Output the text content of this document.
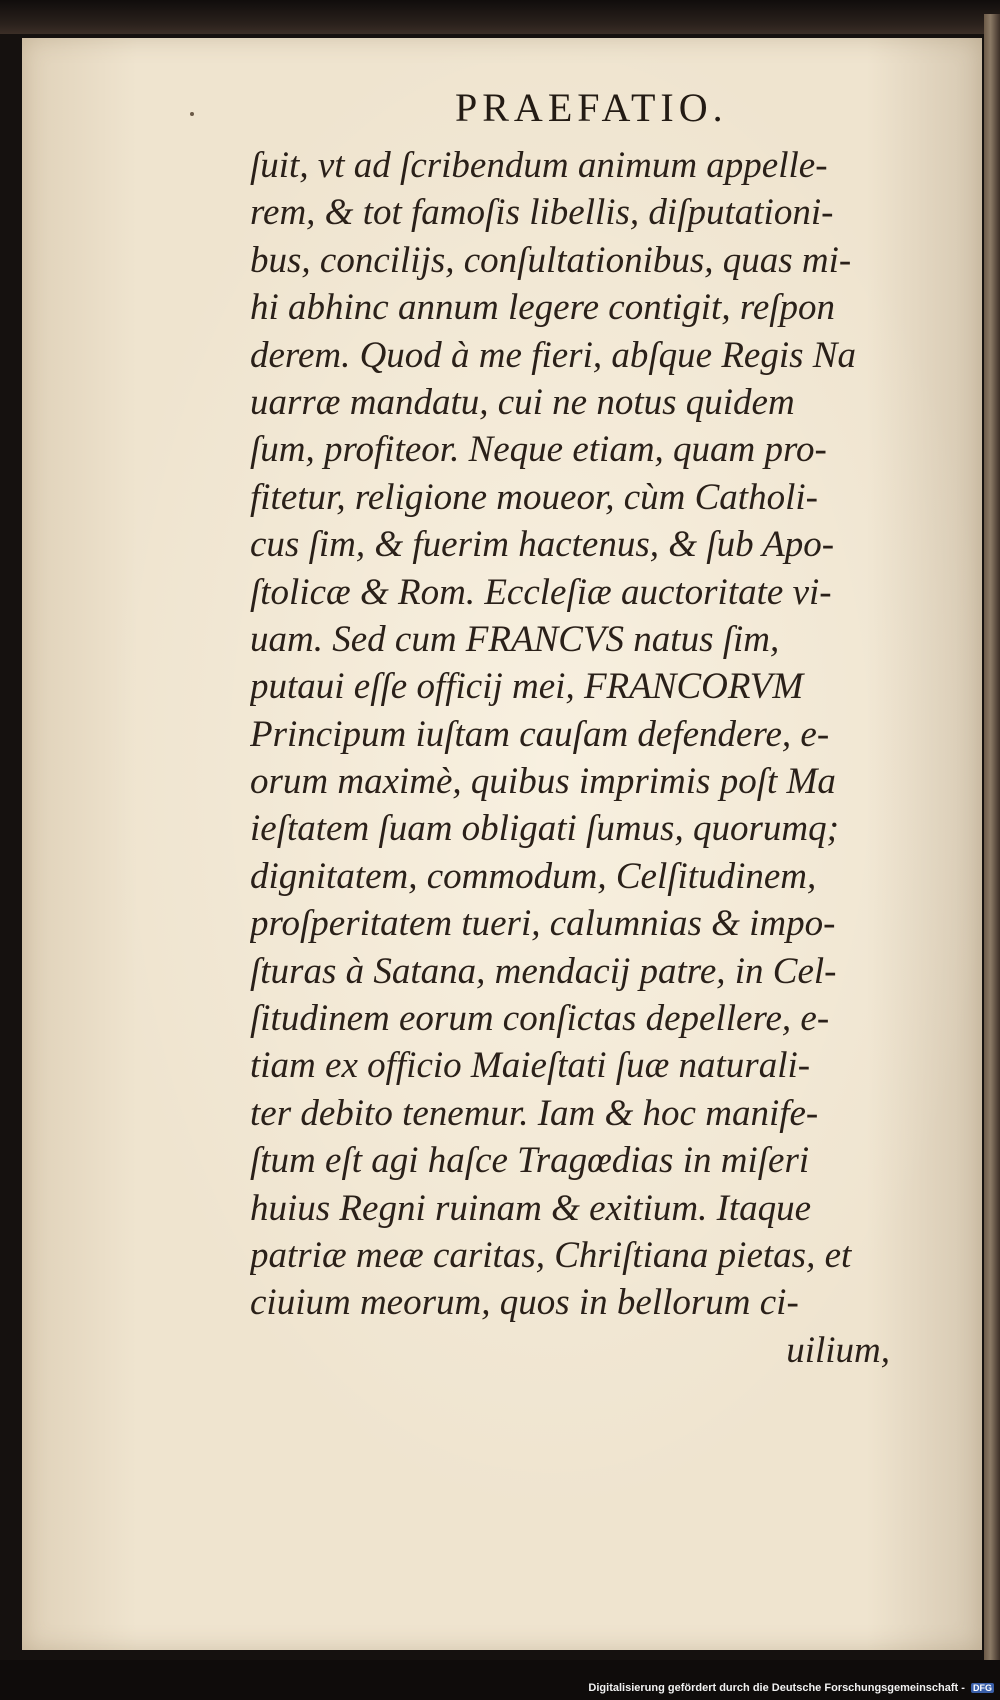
PRAEFATIO.
ſuit, vt ad ſcribendum animum appelle-
rem, & tot famoſis libellis, diſputationi-
bus, concilijs, conſultationibus, quas mi-
hi abhinc annum legere contigit, reſpon
derem. Quod à me fieri, abſque Regis Na
uarræ mandatu, cui ne notus quidem
ſum, profiteor. Neque etiam, quam pro-
fitetur, religione moueor, cùm Catholi-
cus ſim, & fuerim hactenus, & ſub Apo-
ſtolicæ & Rom. Eccleſiæ auctoritate vi-
uam. Sed cum FRANCVS natus ſim,
putaui eſſe officij mei, FRANCORVM
Principum iuſtam cauſam defendere, e-
orum maximè, quibus imprimis poſt Ma
ieſtatem ſuam obligati ſumus, quorumq;
dignitatem, commodum, Celſitudinem,
proſperitatem tueri, calumnias & impo-
ſturas à Satana, mendacij patre, in Cel-
ſitudinem eorum conſictas depellere, e-
tiam ex officio Maieſtati ſuæ naturali-
ter debito tenemur. Iam & hoc manife-
ſtum eſt agi haſce Tragœdias in miſeri
huius Regni ruinam & exitium. Itaque
patriæ meæ caritas, Chriſtiana pietas, et
ciuium meorum, quos in bellorum ci-
uilium,
Digitalisierung gefördert durch die Deutsche Forschungsgemeinschaft - DFG
